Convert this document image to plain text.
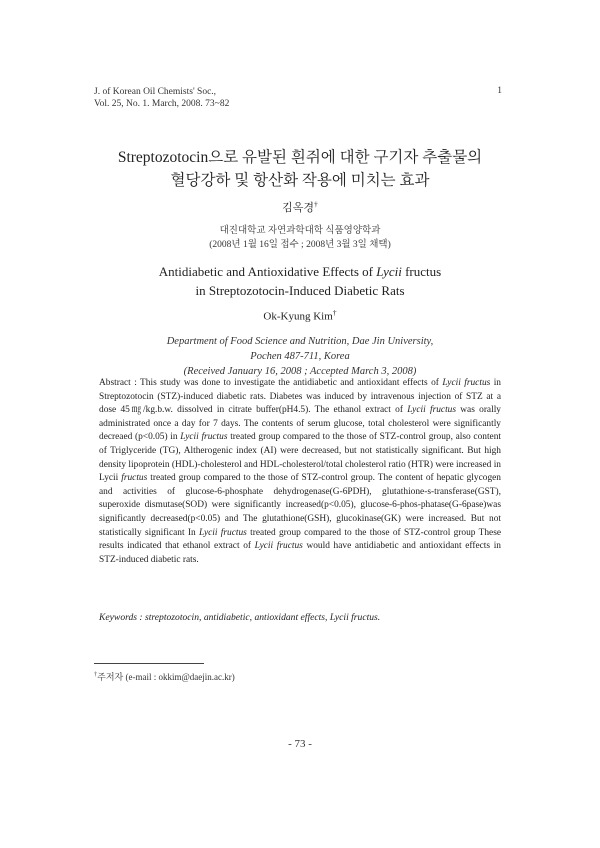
J. of Korean Oil Chemists' Soc.,
Vol. 25, No. 1. March, 2008. 73~82
1
Streptozotocin으로 유발된 흰쥐에 대한 구기자 추출물의
혈당강하 및 항산화 작용에 미치는 효과
김옥경†
대진대학교 자연과학대학 식품영양학과
(2008년 1월 16일 접수 ; 2008년 3월 3일 채택)
Antidiabetic and Antioxidative Effects of Lycii fructus
in Streptozotocin-Induced Diabetic Rats
Ok-Kyung Kim†
Department of Food Science and Nutrition, Dae Jin University,
Pochen 487-711, Korea
(Received January 16, 2008 ; Accepted March 3, 2008)
Abstract : This study was done to investigate the antidiabetic and antioxidant effects of Lycii fructus in Streptozotocin (STZ)-induced diabetic rats. Diabetes was induced by intravenous injection of STZ at a dose 45㎎/kg.b.w. dissolved in citrate buffer(pH4.5). The ethanol extract of Lycii fructus was orally administrated once a day for 7 days. The contents of serum glucose, total cholesterol were significantly decreaed (p<0.05) in Lycii fructus treated group compared to the those of STZ-control group, also content of Triglyceride (TG), Altherogenic index (AI) were decreased, but not statistically significant. But high density lipoprotein (HDL)-cholesterol and HDL-cholesterol/total cholesterol ratio (HTR) were increased in Lycii fructus treated group compared to the those of STZ-control group. The content of hepatic glycogen and activities of glucose-6-phosphate dehydrogenase(G-6PDH), glutathione-s-transferase(GST), superoxide dismutase(SOD) were significantly increased(p<0.05), glucose-6-phos-phatase(G-6pase)was significantly decreased(p<0.05) and The glutathione(GSH), glucokinase(GK) were increased. But not statistically significant In Lycii fructus treated group compared to the those of STZ-control group These results indicated that ethanol extract of Lycii fructus would have antidiabetic and antioxidant effects in STZ-induced diabetic rats.
Keywords : streptozotocin, antidiabetic, antioxidant effects, Lycii fructus.
†주저자 (e-mail : okkim@daejin.ac.kr)
- 73 -
